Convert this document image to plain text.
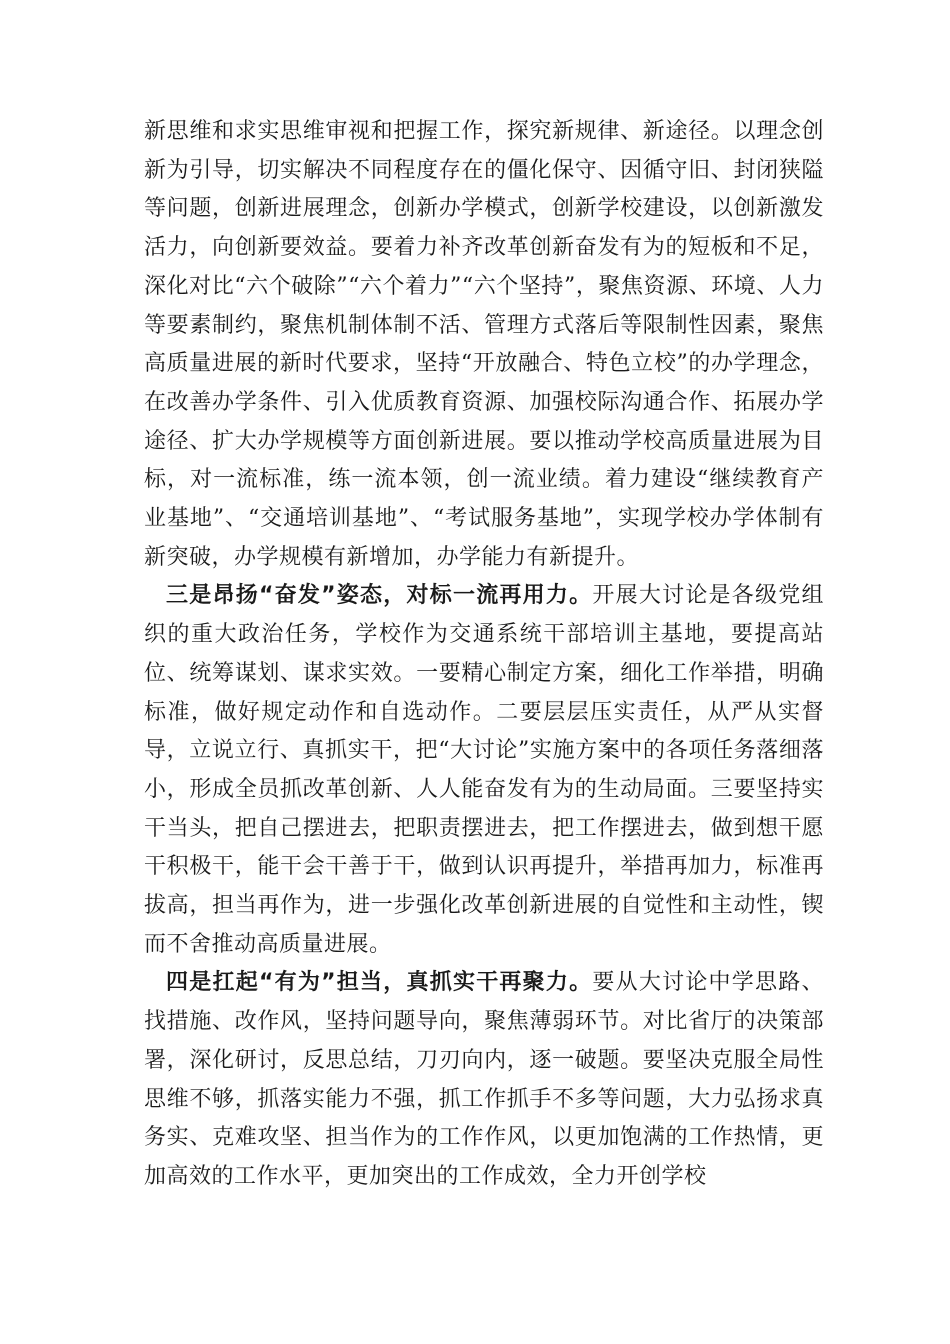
新思维和求实思维审视和把握工作，探究新规律、新途径。以理念创新为引导，切实解决不同程度存在的僵化保守、因循守旧、封闭狭隘等问题，创新进展理念，创新办学模式，创新学校建设，以创新激发活力，向创新要效益。要着力补齐改革创新奋发有为的短板和不足，深化对比“六个破除”“六个着力”“六个坚持”，聚焦资源、环境、人力等要素制约，聚焦机制体制不活、管理方式落后等限制性因素，聚焦高质量进展的新时代要求，坚持“开放融合、特色立校”的办学理念，在改善办学条件、引入优质教育资源、加强校际沟通合作、拓展办学途径、扩大办学规模等方面创新进展。要以推动学校高质量进展为目标，对一流标准，练一流本领，创一流业绩。着力建设“继续教育产业基地”、“交通培训基地”、“考试服务基地”，实现学校办学体制有新突破，办学规模有新增加，办学能力有新提升。

三是昂扬“奋发”姿态，对标一流再用力。开展大讨论是各级党组织的重大政治任务，学校作为交通系统干部培训主基地，要提高站位、统筹谋划、谋求实效。一要精心制定方案，细化工作举措，明确标准，做好规定动作和自选动作。二要层层压实责任，从严从实督导，立说立行、真抓实干，把“大讨论”实施方案中的各项任务落细落小，形成全员抓改革创新、人人能奋发有为的生动局面。三要坚持实干当头，把自己摆进去，把职责摆进去，把工作摆进去，做到想干愿干积极干，能干会干善于干，做到认识再提升，举措再加力，标准再拔高，担当再作为，进一步强化改革创新进展的自觉性和主动性，锲而不舍推动高质量进展。

四是扛起“有为”担当，真抓实干再聚力。要从大讨论中学思路、找措施、改作风，坚持问题导向，聚焦薄弱环节。对比省厅的决策部署，深化研讨，反思总结，刀刃向内，逐一破题。要坚决克服全局性思维不够，抓落实能力不强，抓工作抓手不多等问题，大力弘扬求真务实、克难攻坚、担当作为的工作作风，以更加饱满的工作热情，更加高效的工作水平，更加突出的工作成效，全力开创学校
